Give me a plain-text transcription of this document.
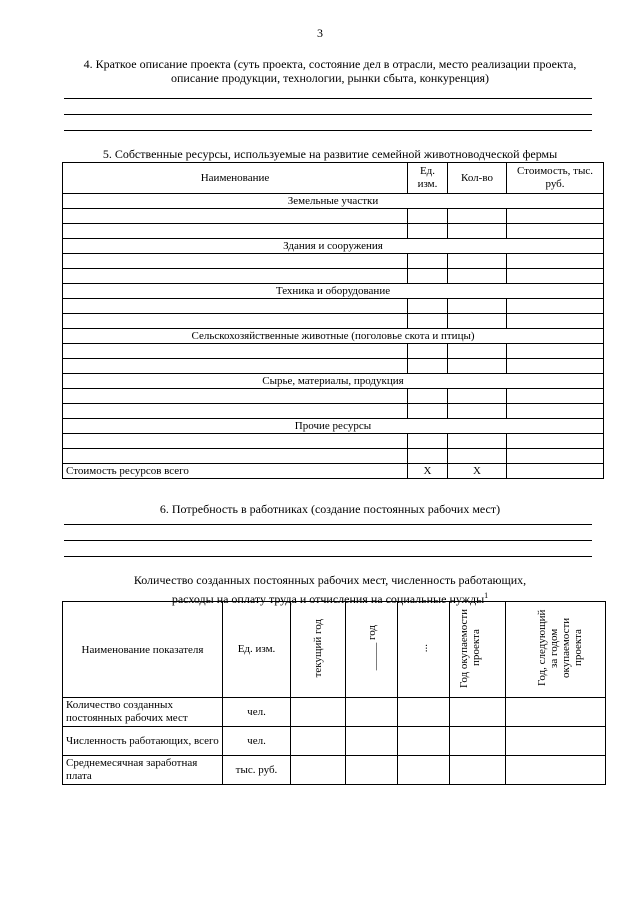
3
4. Краткое описание проекта (суть проекта, состояние дел в отрасли, место реализации проекта, описание продукции, технологии, рынки сбыта, конкуренция)
5. Собственные ресурсы, используемые на развитие семейной животноводческой фермы
Наименование	Ед. изм.	Кол-во	Стоимость, тыс. руб.
Земельные участки			

Здания и сооружения			

Техника и оборудование			

Сельскохозяйственные животные (поголовье скота и птицы)			

Сырье, материалы, продукция			

Прочие ресурсы			

Стоимость ресурсов всего	X	X	
6. Потребность в работниках (создание постоянных рабочих мест)
Количество созданных постоянных рабочих мест, численность работающих,
расходы на оплату труда и отчисления на социальные нужды$^1$
Наименование показателя	Ед. изм.	текущий год	_____ год	...	Год окупаемости проекта	Год, следующий за годом окупаемости проекта
Количество созданных постоянных рабочих мест	чел.					
Численность работающих, всего	чел.					
Среднемесячная заработная плата	тыс. руб.					
